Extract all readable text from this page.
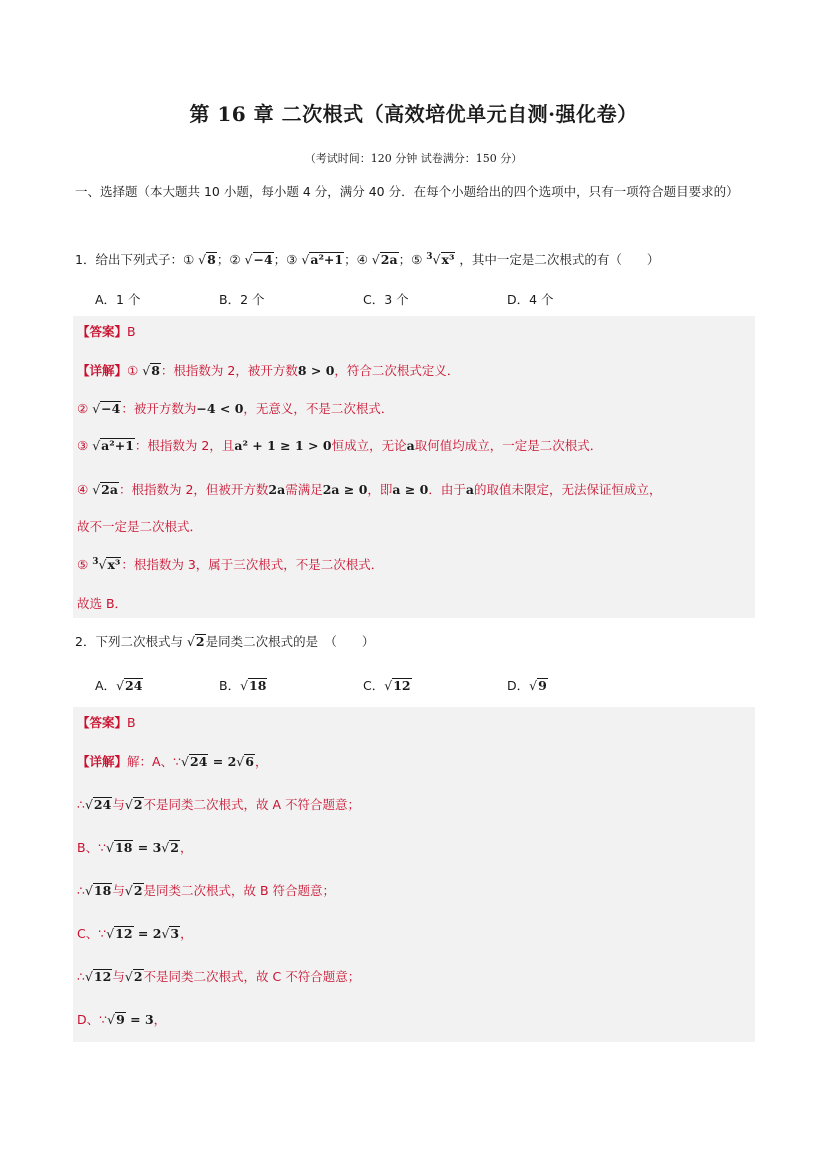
第 16 章 二次根式（高效培优单元自测·强化卷）
（考试时间：120 分钟 试卷满分：150 分）
一、选择题（本大题共 10 小题，每小题 4 分，满分 40 分．在每个小题给出的四个选项中，只有一项符合题目要求的）
1．给出下列式子：① √8；② √−4；③ √a²+1；④ √2a；⑤ $^3$√x³ ，其中一定是二次根式的有（　　）
A．1 个	B．2 个	C．3 个	D．4 个
【答案】B
【详解】① √8：根指数为 2，被开方数8 > 0，符合二次根式定义．
② √−4：被开方数为−4 < 0，无意义，不是二次根式．
③ √a²+1：根指数为 2，且a² + 1 ≥ 1 > 0恒成立，无论a取何值均成立，一定是二次根式．
④ √2a：根指数为 2，但被开方数2a需满足2a ≥ 0，即a ≥ 0．由于a的取值未限定，无法保证恒成立，
故不一定是二次根式．
⑤ $^3$√x³：根指数为 3，属于三次根式，不是二次根式．
故选 B．
2．下列二次根式与 √2是同类二次根式的是　（　　）
A．√24	B．√18	C．√12	D．√9
【答案】B
【详解】解：A、∵√24 = 2√6，
∴√24与√2不是同类二次根式，故 A 不符合题意；
B、∵√18 = 3√2，
∴√18与√2是同类二次根式，故 B 符合题意；
C、∵√12 = 2√3，
∴√12与√2不是同类二次根式，故 C 不符合题意；
D、∵√9 = 3，
